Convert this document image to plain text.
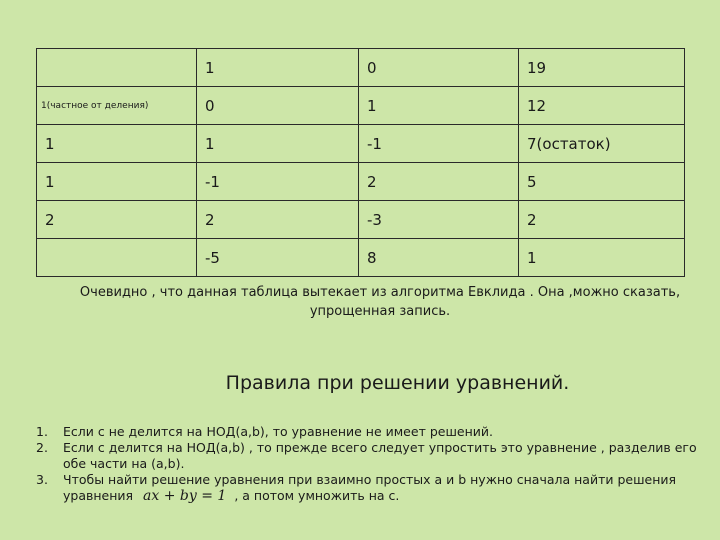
	1	0	19
1(частное от деления)	0	1	12
1	1	-1	7(остаток)
1	-1	2	5
2	2	-3	2
	-5	8	1
Очевидно , что данная таблица вытекает из алгоритма Евклида . Она ,можно сказать, упрощенная запись.
Правила при решении уравнений.
1. Если с не делится на НОД(a,b), то уравнение не имеет решений.
2. Если с делится на НОД(a,b) , то прежде всего следует упростить это уравнение , разделив его обе части на (a,b).
3. Чтобы найти решение уравнения при взаимно простых a и b нужно сначала найти решения уравнения ax + by = 1 , а потом умножить на с.
